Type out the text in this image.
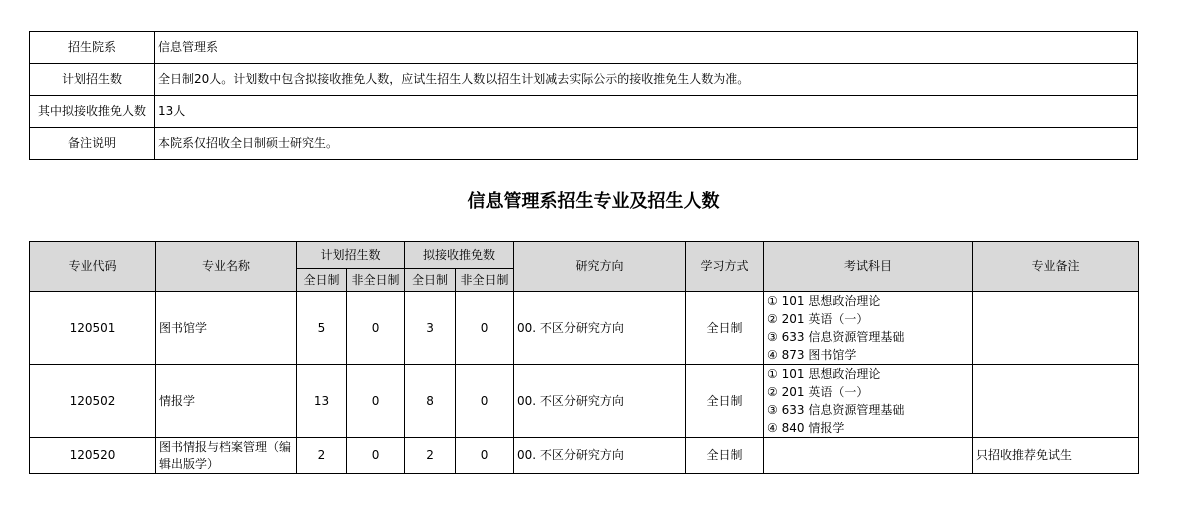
招生院系	信息管理系
计划招生数	全日制20人。计划数中包含拟接收推免人数，应试生招生人数以招生计划减去实际公示的接收推免生人数为准。
其中拟接收推免人数	13人
备注说明	本院系仅招收全日制硕士研究生。
信息管理系招生专业及招生人数
专业代码	专业名称	计划招生数		拟接收推免数		研究方向	学习方式	考试科目	专业备注
		全日制	非全日制	全日制	非全日制				
120501	图书馆学	5	0	3	0	00. 不区分研究方向	全日制	① 101 思想政治理论
② 201 英语（一）
③ 633 信息资源管理基础
④ 873 图书馆学	

120502	情报学	13	0	8	0	00. 不区分研究方向	全日制	① 101 思想政治理论
② 201 英语（一）
③ 633 信息资源管理基础
④ 840 情报学	

120520	图书情报与档案管理（编辑出版学）	2	0	2	0	00. 不区分研究方向	全日制		只招收推荐免试生
